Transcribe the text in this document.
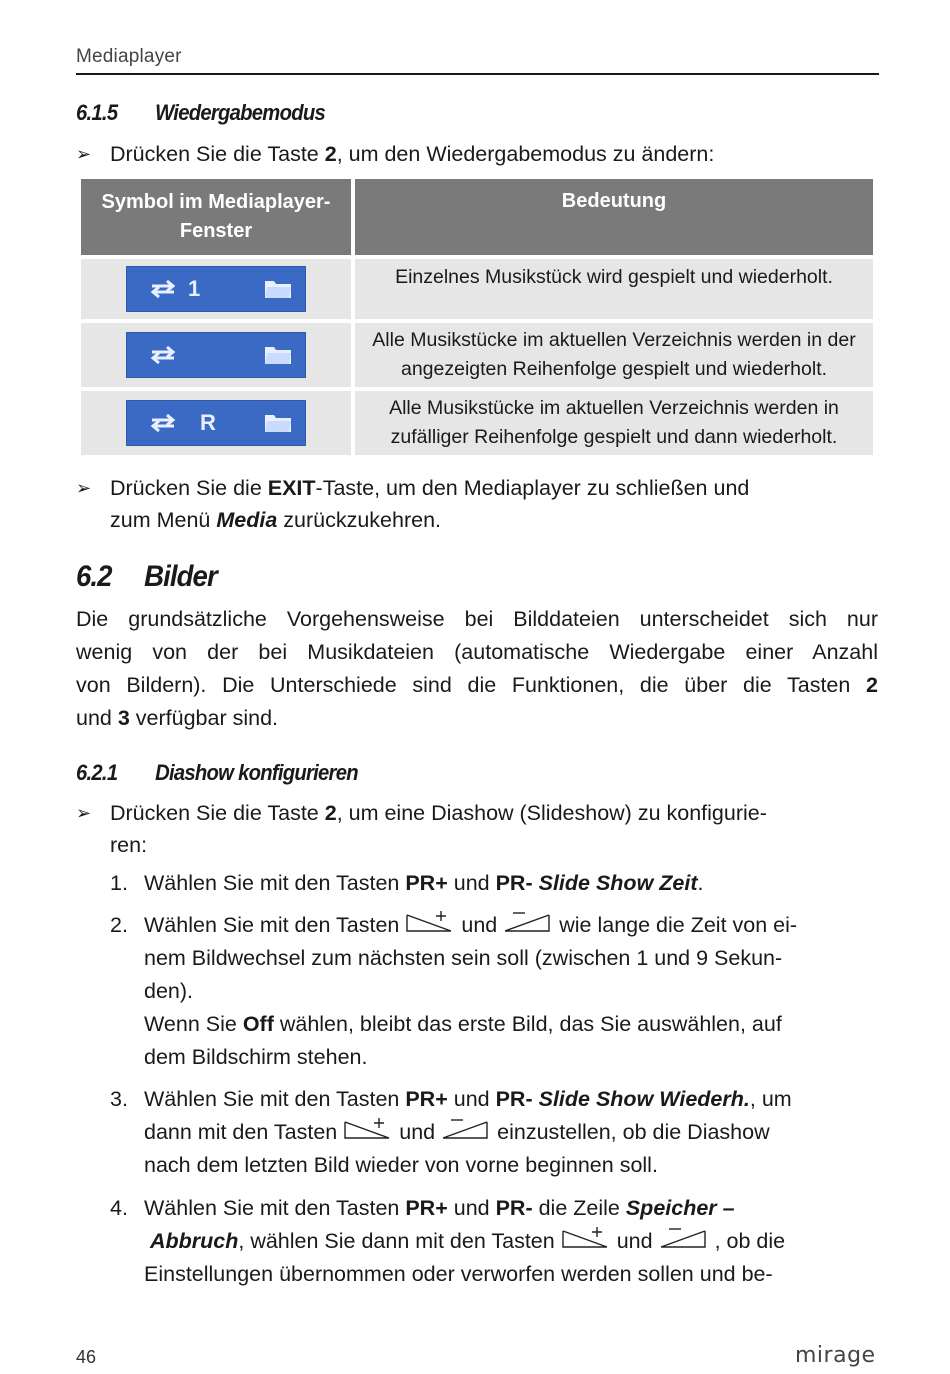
Mediaplayer
6.1.5 Wiedergabemodus
➢ Drücken Sie die Taste 2, um den Wiedergabemodus zu ändern:
Symbol im Mediaplayer-Fenster	Bedeutung

1	Einzelnes Musikstück wird gespielt und wiederholt.

	Alle Musikstücke im aktuellen Verzeichnis werden in der angezeigten Reihenfolge gespielt und wiederholt.

R	Alle Musikstücke im aktuellen Verzeichnis werden in zufälliger Reihenfolge gespielt und dann wiederholt.
➢ Drücken Sie die EXIT-Taste, um den Mediaplayer zu schließen und
zum Menü Media zurückzukehren.
6.2 Bilder
Die grundsätzliche Vorgehensweise bei Bilddateien unterscheidet sich nur
wenig von der bei Musikdateien (automatische Wiedergabe einer Anzahl
von Bildern). Die Unterschiede sind die Funktionen, die über die Tasten 2
und 3 verfügbar sind.
6.2.1 Diashow konfigurieren
➢ Drücken Sie die Taste 2, um eine Diashow (Slideshow) zu konfigurie-
ren:
1. Wählen Sie mit den Tasten PR+ und PR- Slide Show Zeit.
2. Wählen Sie mit den Tasten	und	wie lange die Zeit von ei-
nem Bildwechsel zum nächsten sein soll (zwischen 1 und 9 Sekun-
den).
Wenn Sie Off wählen, bleibt das erste Bild, das Sie auswählen, auf
dem Bildschirm stehen.
3. Wählen Sie mit den Tasten PR+ und PR- Slide Show Wiederh., um
dann mit den Tasten	und	einzustellen, ob die Diashow
nach dem letzten Bild wieder von vorne beginnen soll.
4. Wählen Sie mit den Tasten PR+ und PR- die Zeile Speicher –
Abbruch, wählen Sie dann mit den Tasten	und	, ob die
Einstellungen übernommen oder verworfen werden sollen und be-
46	mirage
